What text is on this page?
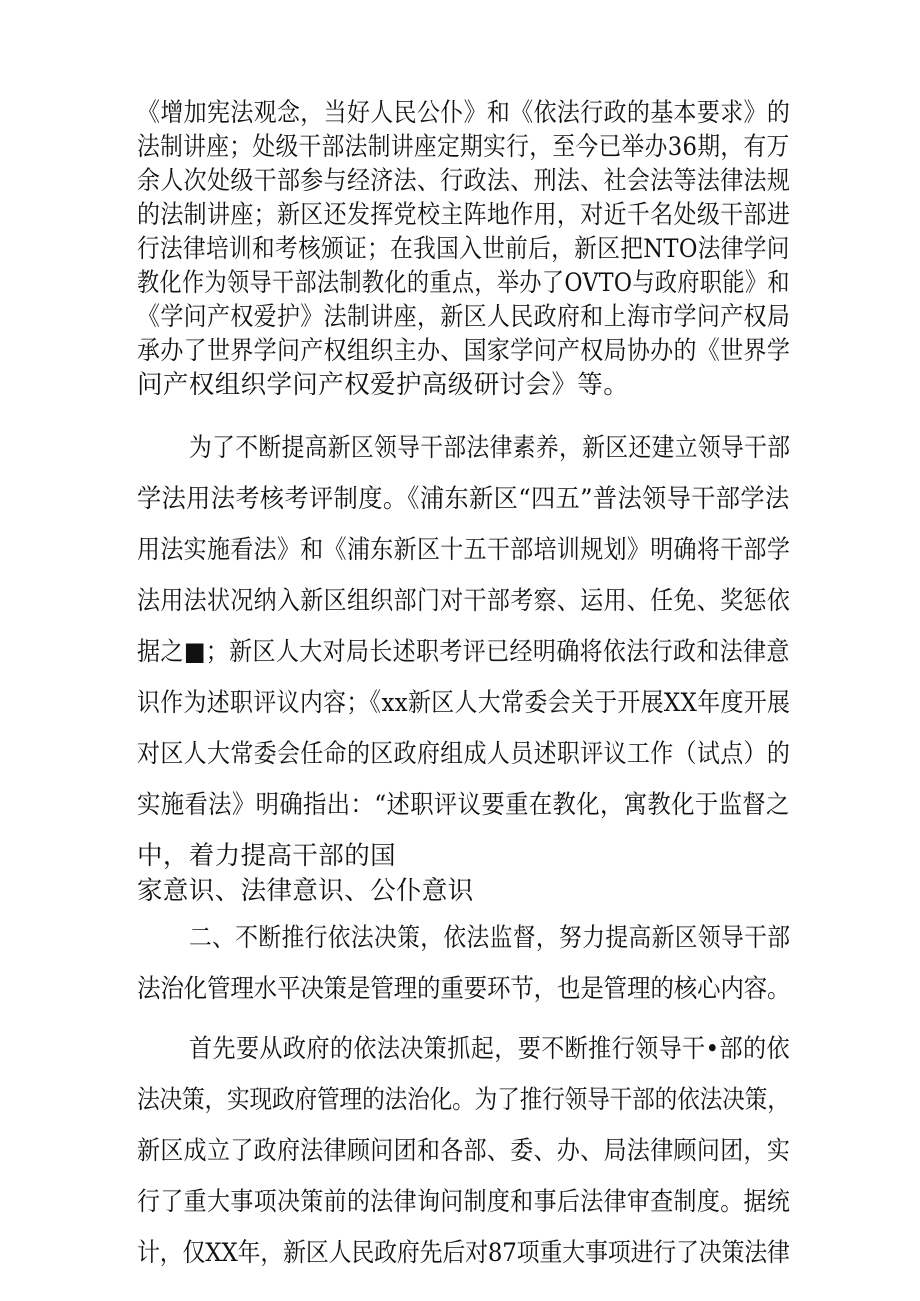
《增加宪法观念，当好人民公仆》和《依法行政的基本要求》的
法制讲座；处级干部法制讲座定期实行，至今已举办36期，有万
余人次处级干部参与经济法、行政法、刑法、社会法等法律法规
的法制讲座；新区还发挥党校主阵地作用，对近千名处级干部进
行法律培训和考核颁证；在我国入世前后，新区把NTO法律学问
教化作为领导干部法制教化的重点，举办了OVTO与政府职能》和
《学问产权爱护》法制讲座，新区人民政府和上海市学问产权局
承办了世界学问产权组织主办、国家学问产权局协办的《世界学
问产权组织学问产权爱护高级研讨会》等。
为了不断提高新区领导干部法律素养，新区还建立领导干部
学法用法考核考评制度。《浦东新区“四五”普法领导干部学法
用法实施看法》和《浦东新区十五干部培训规划》明确将干部学
法用法状况纳入新区组织部门对干部考察、运用、任免、奖惩依
据之■；新区人大对局长述职考评已经明确将依法行政和法律意
识作为述职评议内容；《xx新区人大常委会关于开展XX年度开展
对区人大常委会任命的区政府组成人员述职评议工作（试点）的
实施看法》明确指出：“述职评议要重在教化，寓教化于监督之
中，着力提高干部的国
家意识、法律意识、公仆意识
二、不断推行依法决策，依法监督，努力提高新区领导干部
法治化管理水平决策是管理的重要环节，也是管理的核心内容。
首先要从政府的依法决策抓起，要不断推行领导干•部的依
法决策，实现政府管理的法治化。为了推行领导干部的依法决策，
新区成立了政府法律顾问团和各部、委、办、局法律顾问团，实
行了重大事项决策前的法律询问制度和事后法律审查制度。据统
计，仅XX年，新区人民政府先后对87项重大事项进行了决策法律
